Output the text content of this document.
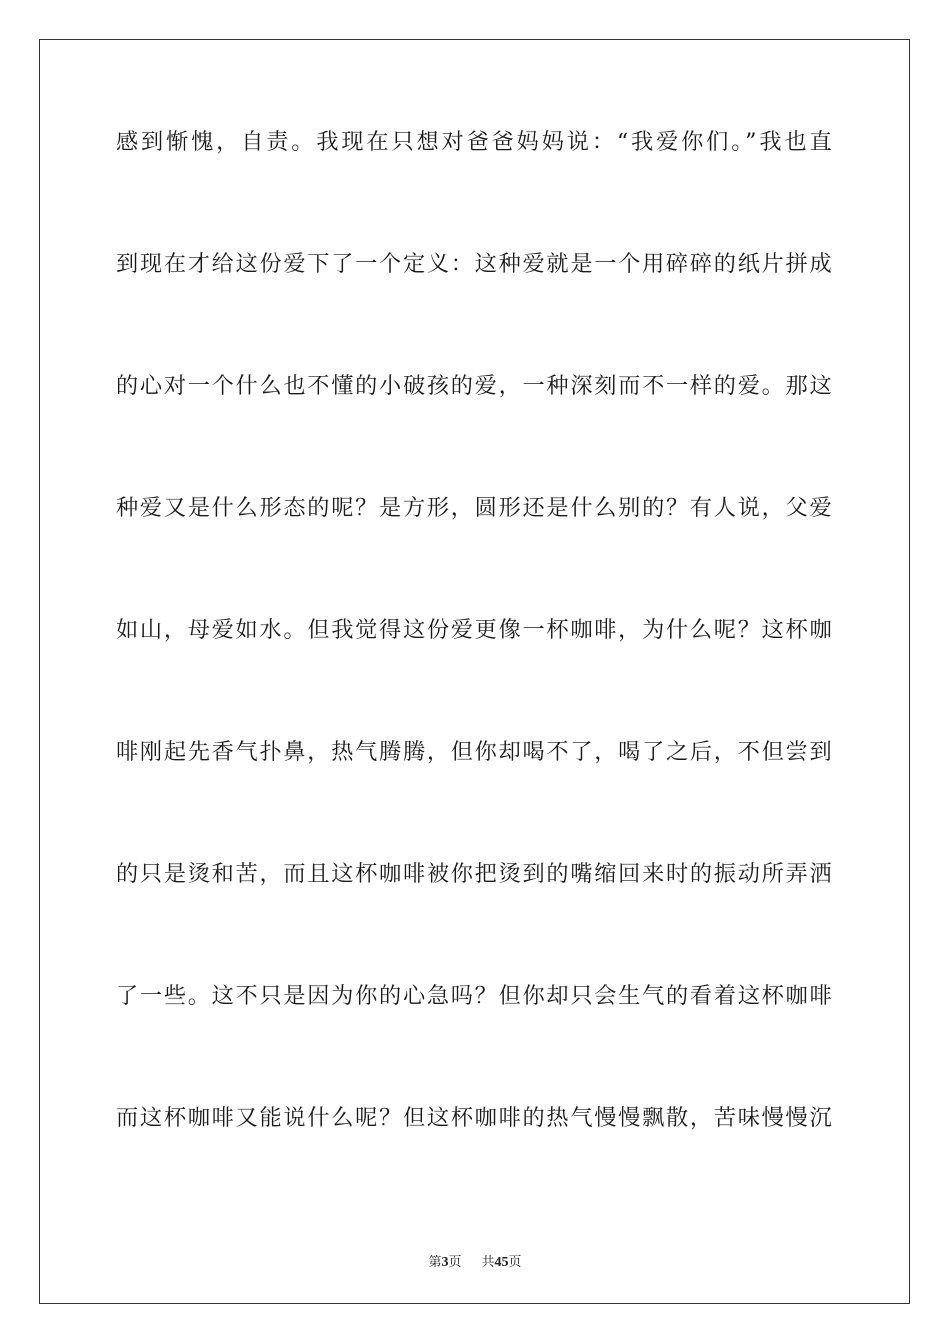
感到惭愧，自责。我现在只想对爸爸妈妈说：“我爱你们。”我也直

到现在才给这份爱下了一个定义：这种爱就是一个用碎碎的纸片拼成

的心对一个什么也不懂的小破孩的爱，一种深刻而不一样的爱。那这

种爱又是什么形态的呢？是方形，圆形还是什么别的？有人说，父爱

如山，母爱如水。但我觉得这份爱更像一杯咖啡，为什么呢？这杯咖

啡刚起先香气扑鼻，热气腾腾，但你却喝不了，喝了之后，不但尝到

的只是烫和苦，而且这杯咖啡被你把烫到的嘴缩回来时的振动所弄洒

了一些。这不只是因为你的心急吗？但你却只会生气的看着这杯咖啡

而这杯咖啡又能说什么呢？但这杯咖啡的热气慢慢飘散，苦味慢慢沉

第3页 共45页
